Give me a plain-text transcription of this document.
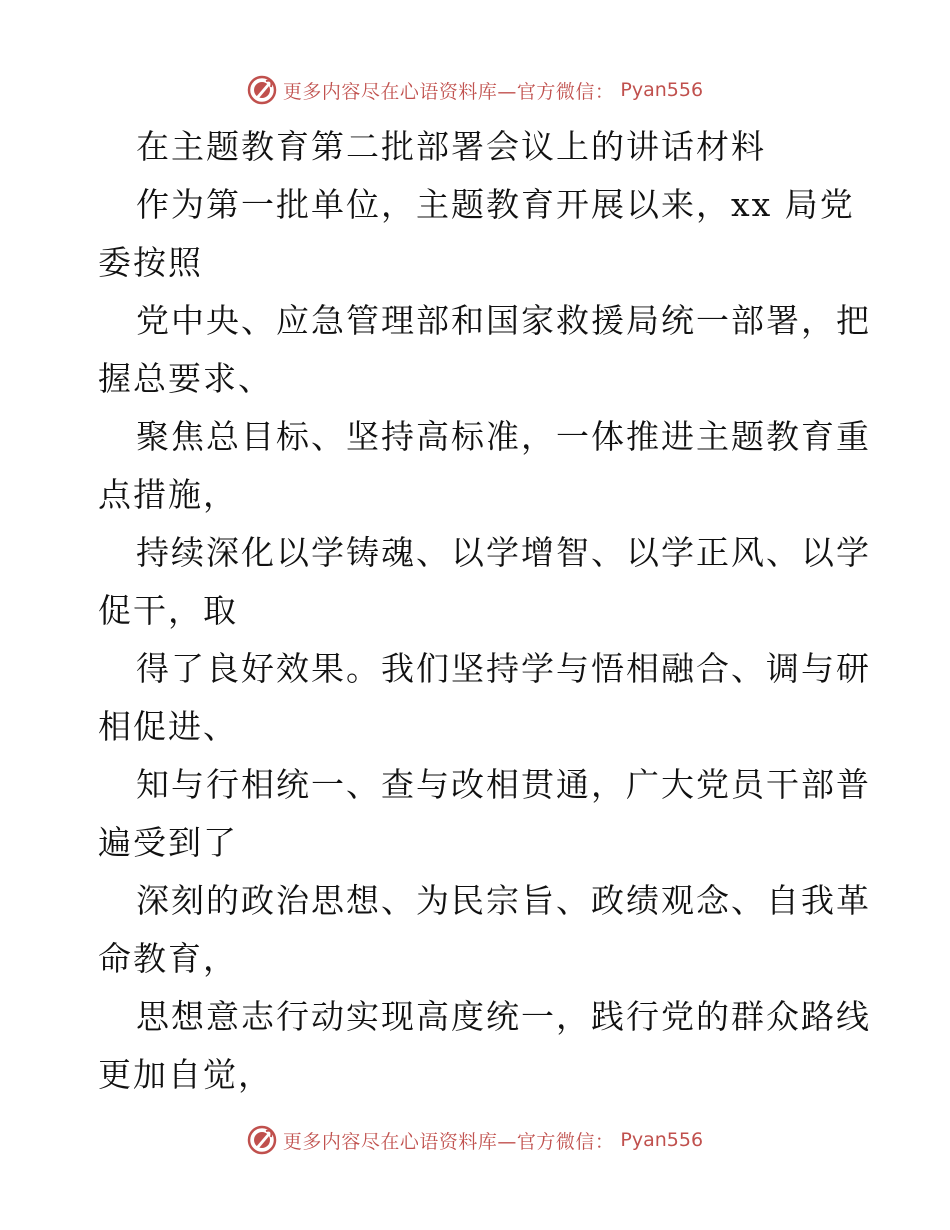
更多内容尽在心语资料库—官方微信： Pyan556
在主题教育第二批部署会议上的讲话材料
作为第一批单位，主题教育开展以来，xx 局党
委按照
党中央、应急管理部和国家救援局统一部署，把
握总要求、
聚焦总目标、坚持高标准，一体推进主题教育重
点措施，
持续深化以学铸魂、以学增智、以学正风、以学
促干，取
得了良好效果。我们坚持学与悟相融合、调与研
相促进、
知与行相统一、查与改相贯通，广大党员干部普
遍受到了
深刻的政治思想、为民宗旨、政绩观念、自我革
命教育，
思想意志行动实现高度统一，践行党的群众路线
更加自觉，
更多内容尽在心语资料库—官方微信： Pyan556
